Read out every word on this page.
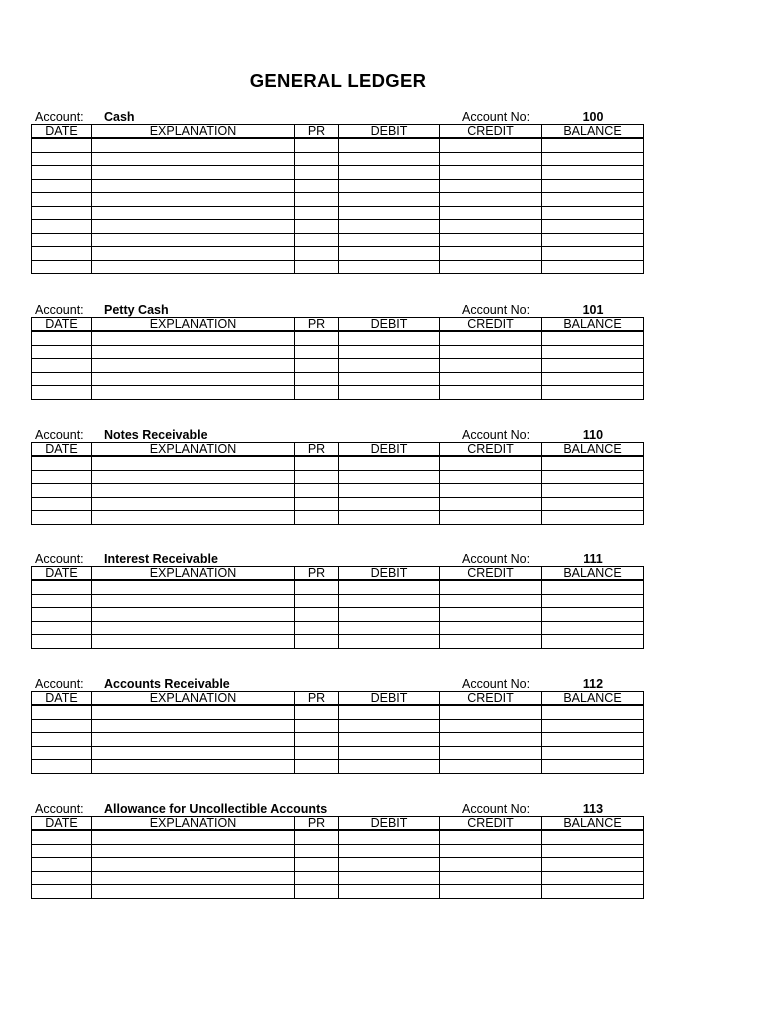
GENERAL LEDGER
Account: Cash	Account No:	100
DATE	EXPLANATION	PR	DEBIT	CREDIT	BALANCE

Account: Petty Cash	Account No:	101
DATE	EXPLANATION	PR	DEBIT	CREDIT	BALANCE

Account: Notes Receivable	Account No:	110
DATE	EXPLANATION	PR	DEBIT	CREDIT	BALANCE

Account: Interest Receivable	Account No:	111
DATE	EXPLANATION	PR	DEBIT	CREDIT	BALANCE

Account: Accounts Receivable	Account No:	112
DATE	EXPLANATION	PR	DEBIT	CREDIT	BALANCE

Account: Allowance for Uncollectible Accounts	Account No:	113
DATE	EXPLANATION	PR	DEBIT	CREDIT	BALANCE
